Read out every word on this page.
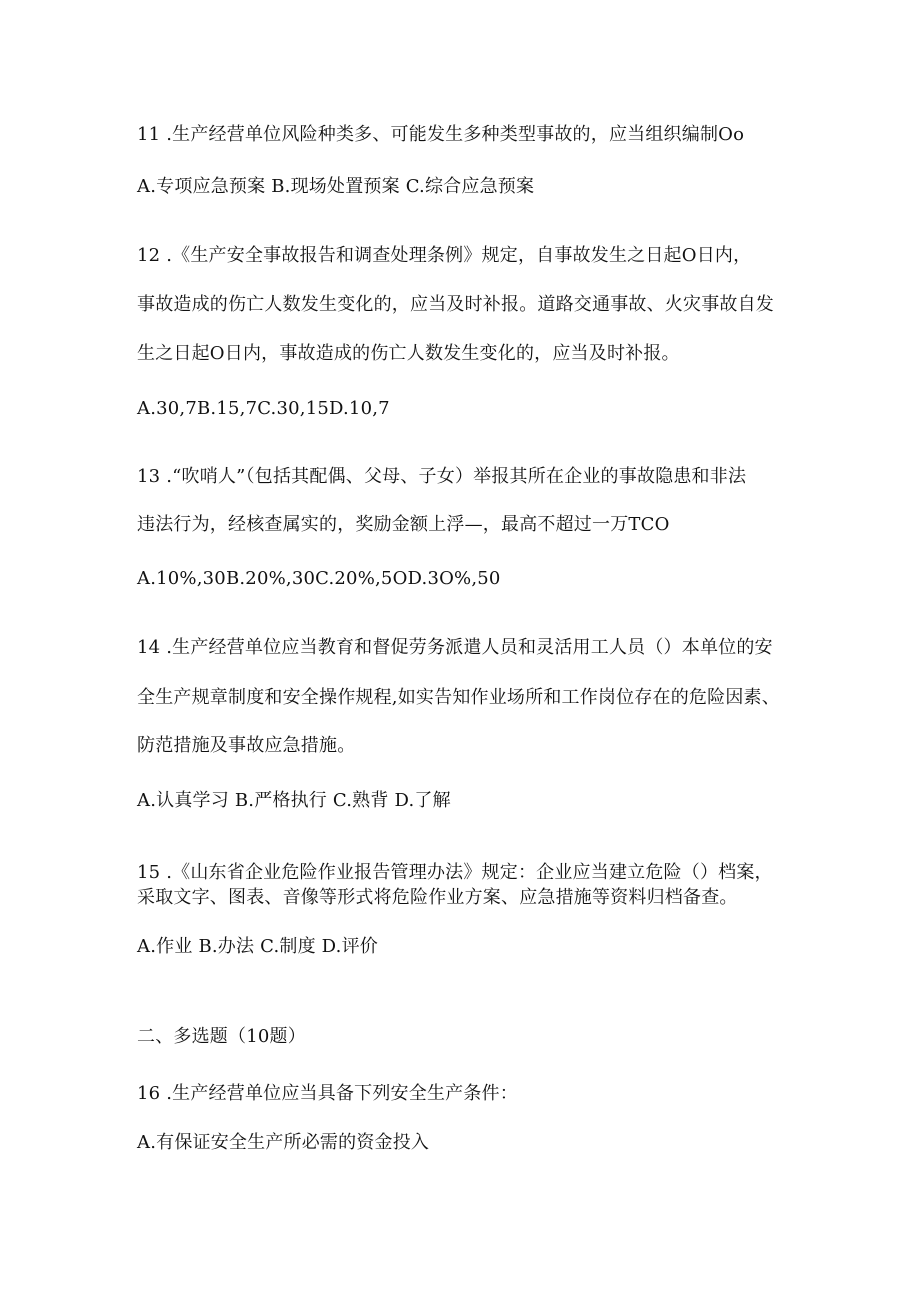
11 .生产经营单位风险种类多、可能发生多种类型事故的，应当组织编制Oo
A.专项应急预案 B.现场处置预案 C.综合应急预案
12 .《生产安全事故报告和调查处理条例》规定，自事故发生之日起O日内，
事故造成的伤亡人数发生变化的，应当及时补报。道路交通事故、火灾事故自发
生之日起O日内，事故造成的伤亡人数发生变化的，应当及时补报。
A.30,7B.15,7C.30,15D.10,7
13 .“吹哨人”（包括其配偶、父母、子女）举报其所在企业的事故隐患和非法
违法行为，经核查属实的，奖励金额上浮—，最高不超过一万TCO
A.10%,30B.20%,30C.20%,5OD.3O%,50
14 .生产经营单位应当教育和督促劳务派遣人员和灵活用工人员（）本单位的安
全生产规章制度和安全操作规程,如实告知作业场所和工作岗位存在的危险因素、
防范措施及事故应急措施。
A.认真学习 B.严格执行 C.熟背 D.了解
15 .《山东省企业危险作业报告管理办法》规定：企业应当建立危险（）档案，
采取文字、图表、音像等形式将危险作业方案、应急措施等资料归档备查。
A.作业 B.办法 C.制度 D.评价
二、多选题（10题）
16 .生产经营单位应当具备下列安全生产条件：
A.有保证安全生产所必需的资金投入
